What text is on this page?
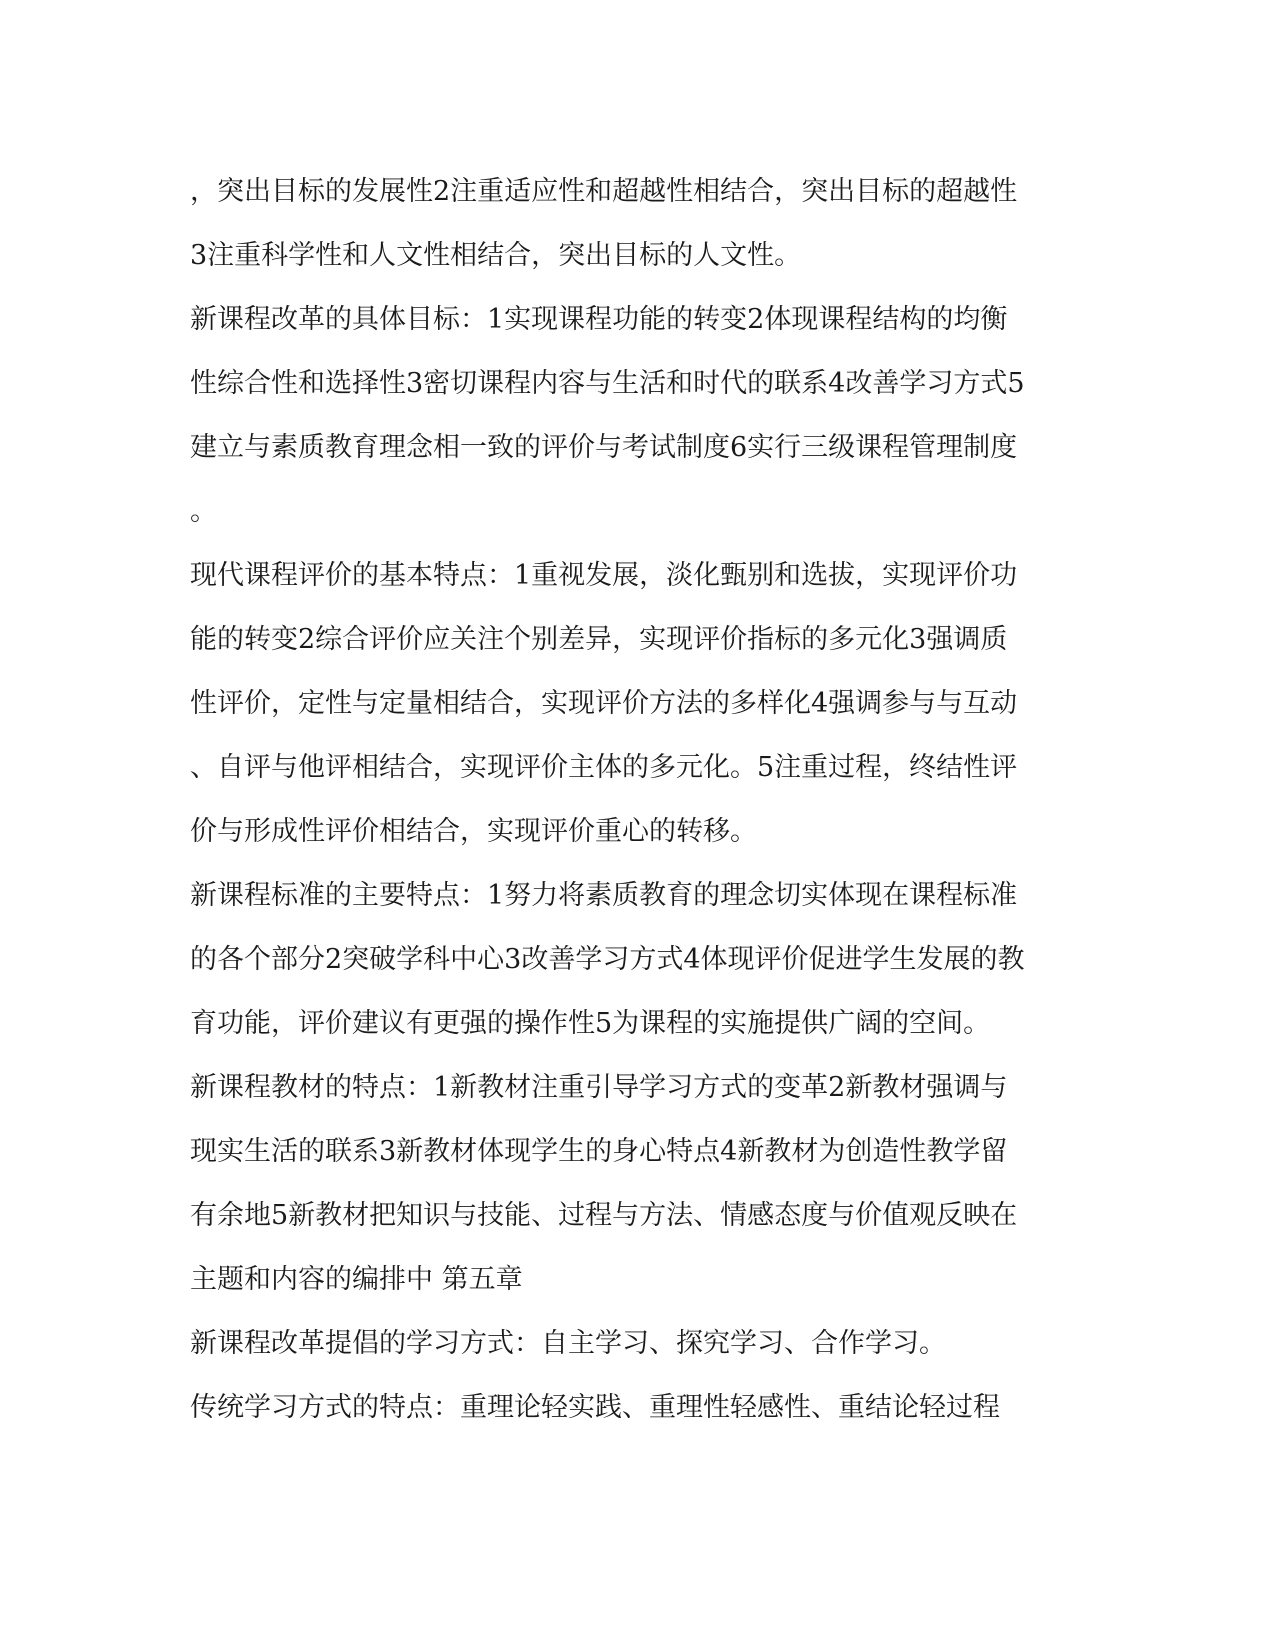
，突出目标的发展性2注重适应性和超越性相结合，突出目标的超越性
3注重科学性和人文性相结合，突出目标的人文性。
新课程改革的具体目标：1实现课程功能的转变2体现课程结构的均衡
性综合性和选择性3密切课程内容与生活和时代的联系4改善学习方式5
建立与素质教育理念相一致的评价与考试制度6实行三级课程管理制度
。
现代课程评价的基本特点：1重视发展，淡化甄别和选拔，实现评价功
能的转变2综合评价应关注个别差异，实现评价指标的多元化3强调质
性评价，定性与定量相结合，实现评价方法的多样化4强调参与与互动
、自评与他评相结合，实现评价主体的多元化。5注重过程，终结性评
价与形成性评价相结合，实现评价重心的转移。
新课程标准的主要特点：1努力将素质教育的理念切实体现在课程标准
的各个部分2突破学科中心3改善学习方式4体现评价促进学生发展的教
育功能，评价建议有更强的操作性5为课程的实施提供广阔的空间。
新课程教材的特点：1新教材注重引导学习方式的变革2新教材强调与
现实生活的联系3新教材体现学生的身心特点4新教材为创造性教学留
有余地5新教材把知识与技能、过程与方法、情感态度与价值观反映在
主题和内容的编排中 第五章
新课程改革提倡的学习方式：自主学习、探究学习、合作学习。
传统学习方式的特点：重理论轻实践、重理性轻感性、重结论轻过程
